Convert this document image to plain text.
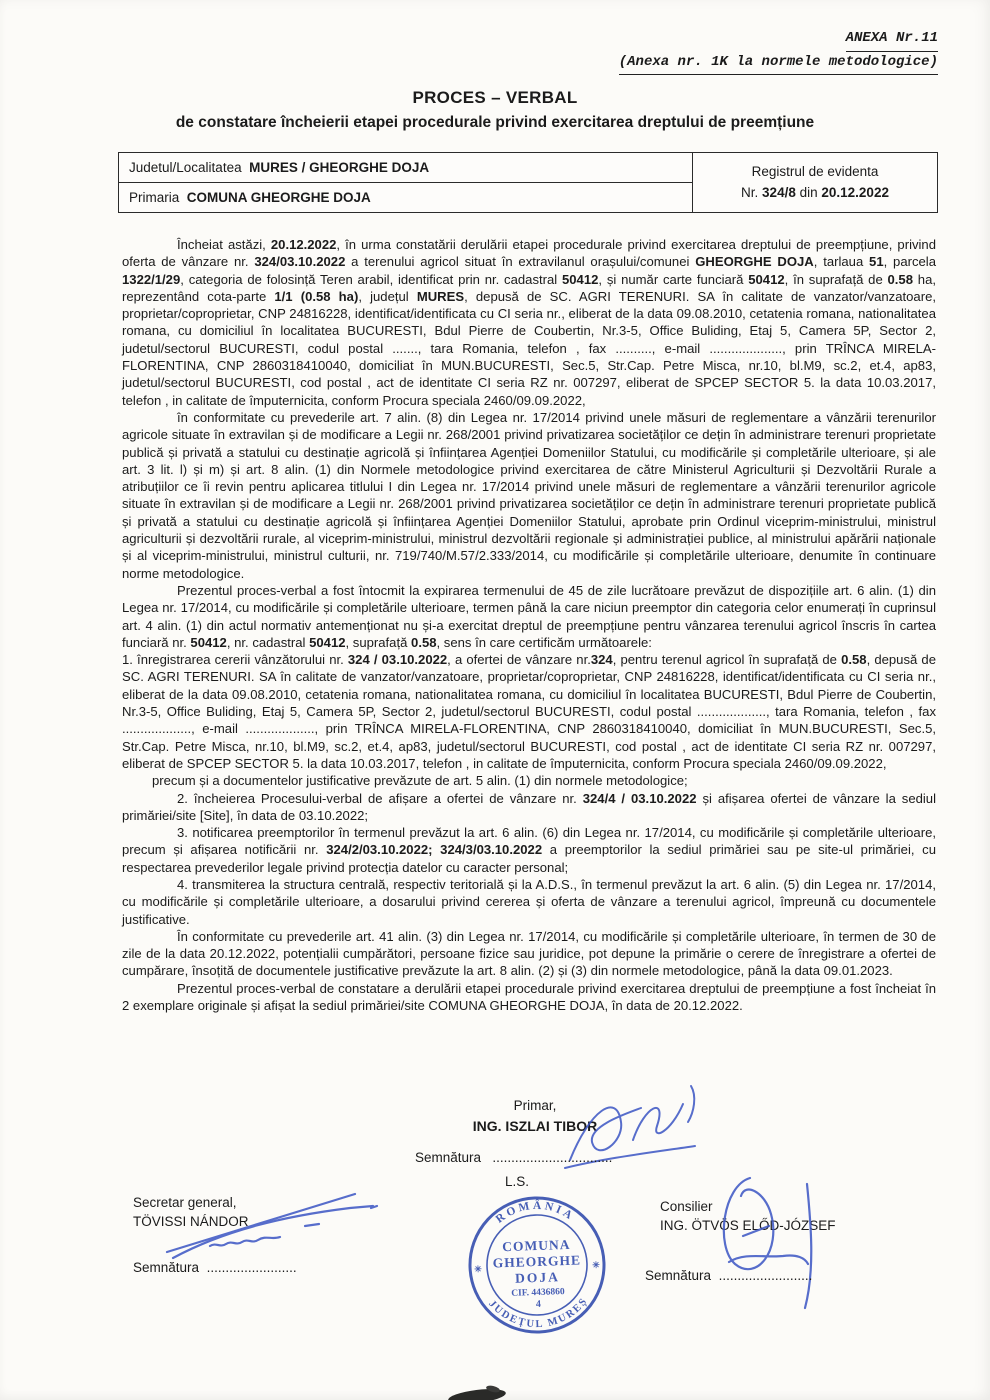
ANEXA Nr.11
(Anexa nr. 1K la normele metodologice)

PROCES – VERBAL

de constatare încheierii etapei procedurale privind exercitarea dreptului de preemțiune

Judetul/Localitatea MURES / GHEORGHE DOJA	Registrul de evidenta
Nr. 324/8 din 20.12.2022
Primaria COMUNA GHEORGHE DOJA

Încheiat astăzi, 20.12.2022, în urma constatării derulării etapei procedurale privind exercitarea dreptului de preempțiune, privind oferta de vânzare nr. 324/03.10.2022 a terenului agricol situat în extravilanul orașului/comunei GHEORGHE DOJA, tarlaua 51, parcela 1322/1/29, categoria de folosință Teren arabil, identificat prin nr. cadastral 50412, și număr carte funciară 50412, în suprafață de 0.58 ha, reprezentând cota-parte 1/1 (0.58 ha), județul MURES, depusă de SC. AGRI TERENURI. SA în calitate de vanzator/vanzatoare, proprietar/coproprietar, CNP 24816228, identificat/identificata cu CI seria nr., eliberat de la data 09.08.2010, cetatenia romana, nationalitatea romana, cu domiciliul în localitatea BUCURESTI, Bdul Pierre de Coubertin, Nr.3-5, Office Buliding, Etaj 5, Camera 5P, Sector 2, judetul/sectorul BUCURESTI, codul postal ......., tara Romania, telefon , fax .........., e-mail ...................., prin TRÎNCA MIRELA- FLORENTINA, CNP 2860318410040, domiciliat în MUN.BUCURESTI, Sec.5, Str.Cap. Petre Misca, nr.10, bl.M9, sc.2, et.4, ap83, judetul/sectorul BUCURESTI, cod postal , act de identitate CI seria RZ nr. 007297, eliberat de SPCEP SECTOR 5. la data 10.03.2017, telefon , in calitate de împuternicita, conform Procura speciala 2460/09.09.2022,

în conformitate cu prevederile art. 7 alin. (8) din Legea nr. 17/2014 privind unele măsuri de reglementare a vânzării terenurilor agricole situate în extravilan și de modificare a Legii nr. 268/2001 privind privatizarea societăților ce dețin în administrare terenuri proprietate publică și privată a statului cu destinație agricolă și înființarea Agenției Domeniilor Statului, cu modificările și completările ulterioare, și ale art. 3 lit. l) și m) și art. 8 alin. (1) din Normele metodologice privind exercitarea de către Ministerul Agriculturii și Dezvoltării Rurale a atribuțiilor ce îi revin pentru aplicarea titlului I din Legea nr. 17/2014 privind unele măsuri de reglementare a vânzării terenurilor agricole situate în extravilan și de modificare a Legii nr. 268/2001 privind privatizarea societăților ce dețin în administrare terenuri proprietate publică și privată a statului cu destinație agricolă și înființarea Agenției Domeniilor Statului, aprobate prin Ordinul viceprim-ministrului, ministrul agriculturii și dezvoltării rurale, al viceprim-ministrului, ministrul dezvoltării regionale și administrației publice, al ministrului apărării naționale și al viceprim-ministrului, ministrul culturii, nr. 719/740/M.57/2.333/2014, cu modificările și completările ulterioare, denumite în continuare norme metodologice.

Prezentul proces-verbal a fost întocmit la expirarea termenului de 45 de zile lucrătoare prevăzut de dispozițiile art. 6 alin. (1) din Legea nr. 17/2014, cu modificările și completările ulterioare, termen până la care niciun preemptor din categoria celor enumerați în cuprinsul art. 4 alin. (1) din actul normativ antemenționat nu și-a exercitat dreptul de preempțiune pentru vânzarea terenului agricol înscris în cartea funciară nr. 50412, nr. cadastral 50412, suprafață 0.58, sens în care certificăm următoarele:

1. înregistrarea cererii vânzătorului nr. 324 / 03.10.2022, a ofertei de vânzare nr.324, pentru terenul agricol în suprafață de 0.58, depusă de SC. AGRI TERENURI. SA în calitate de vanzator/vanzatoare, proprietar/coproprietar, CNP 24816228, identificat/identificata cu CI seria nr., eliberat de la data 09.08.2010, cetatenia romana, nationalitatea romana, cu domiciliul în localitatea BUCURESTI, Bdul Pierre de Coubertin, Nr.3-5, Office Buliding, Etaj 5, Camera 5P, Sector 2, judetul/sectorul BUCURESTI, codul postal ..................., tara Romania, telefon , fax ..................., e-mail ..................., prin TRÎNCA MIRELA-FLORENTINA, CNP 2860318410040, domiciliat în MUN.BUCURESTI, Sec.5, Str.Cap. Petre Misca, nr.10, bl.M9, sc.2, et.4, ap83, judetul/sectorul BUCURESTI, cod postal , act de identitate CI seria RZ nr. 007297, eliberat de SPCEP SECTOR 5. la data 10.03.2017, telefon , in calitate de împuternicita, conform Procura speciala 2460/09.09.2022,

precum și a documentelor justificative prevăzute de art. 5 alin. (1) din normele metodologice;

2. încheierea Procesului-verbal de afișare a ofertei de vânzare nr. 324/4 / 03.10.2022 și afișarea ofertei de vânzare la sediul primăriei/site [Site], în data de 03.10.2022;

3. notificarea preemptorilor în termenul prevăzut la art. 6 alin. (6) din Legea nr. 17/2014, cu modificările și completările ulterioare, precum și afișarea notificării nr. 324/2/03.10.2022; 324/3/03.10.2022 a preemptorilor la sediul primăriei sau pe site-ul primăriei, cu respectarea prevederilor legale privind protecția datelor cu caracter personal;

4. transmiterea la structura centrală, respectiv teritorială și la A.D.S., în termenul prevăzut la art. 6 alin. (5) din Legea nr. 17/2014, cu modificările și completările ulterioare, a dosarului privind cererea și oferta de vânzare a terenului agricol, împreună cu documentele justificative.

În conformitate cu prevederile art. 41 alin. (3) din Legea nr. 17/2014, cu modificările și completările ulterioare, în termen de 30 de zile de la data 20.12.2022, potențialii cumpărători, persoane fizice sau juridice, pot depune la primărie o cerere de înregistrare a ofertei de cumpărare, însoțită de documentele justificative prevăzute la art. 8 alin. (2) și (3) din normele metodologice, până la data 09.01.2023.

Prezentul proces-verbal de constatare a derulării etapei procedurale privind exercitarea dreptului de preempțiune a fost încheiat în 2 exemplare originale și afișat la sediul primăriei/site COMUNA GHEORGHE DOJA, în data de 20.12.2022.

Primar,
ING. ISZLAI TIBOR
Semnătura ................................
L.S.
ROMÂNIA
JUDEȚUL MUREȘ
COMUNA
GHEORGHE
DOJA
CIF. 4436860
4
✳	✳
Secretar general,
TÖVISSI NÁNDOR
Semnătura ........................
Consilier
ING. ÖTVÖS ELŐD-JÓZSEF
Semnătura .........................
